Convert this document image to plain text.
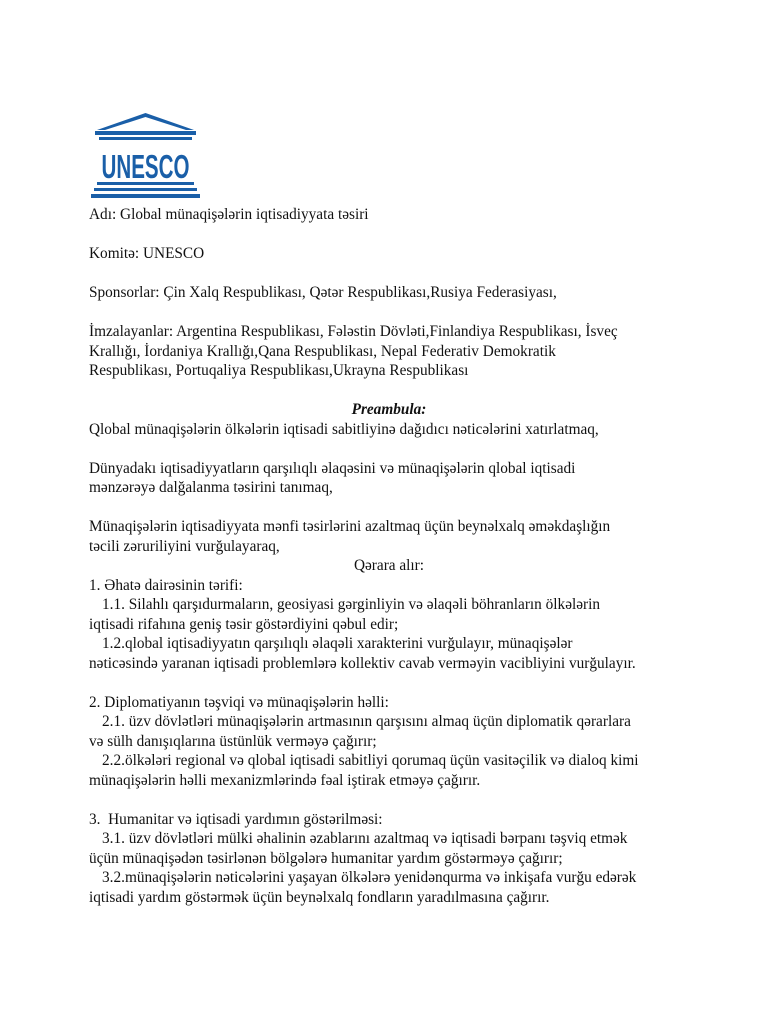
UNESCO

Adı: Global münaqişələrin iqtisadiyyata təsiri

Komitə: UNESCO

Sponsorlar: Çin Xalq Respublikası, Qətər Respublikası,Rusiya Federasiyası,

İmzalayanlar: Argentina Respublikası, Fələstin Dövləti,Finlandiya Respublikası, İsveç

Krallığı, İordaniya Krallığı,Qana Respublikası, Nepal Federativ Demokratik

Respublikası, Portuqaliya Respublikası,Ukrayna Respublikası

Preambula:

Qlobal münaqişələrin ölkələrin iqtisadi sabitliyinə dağıdıcı nəticələrini xatırlatmaq,

Dünyadakı iqtisadiyyatların qarşılıqlı əlaqəsini və münaqişələrin qlobal iqtisadi

mənzərəyə dalğalanma təsirini tanımaq,

Münaqişələrin iqtisadiyyata mənfi təsirlərini azaltmaq üçün beynəlxalq əməkdaşlığın

təcili zəruriliyini vurğulayaraq,

Qərara alır:

1. Əhatə dairəsinin tərifi:

1.1. Silahlı qarşıdurmaların, geosiyasi gərginliyin və əlaqəli böhranların ölkələrin

iqtisadi rifahına geniş təsir göstərdiyini qəbul edir;

1.2.qlobal iqtisadiyyatın qarşılıqlı əlaqəli xarakterini vurğulayır, münaqişələr

nəticəsində yaranan iqtisadi problemlərə kollektiv cavab verməyin vacibliyini vurğulayır.

2. Diplomatiyanın təşviqi və münaqişələrin həlli:

2.1. üzv dövlətləri münaqişələrin artmasının qarşısını almaq üçün diplomatik qərarlara

və sülh danışıqlarına üstünlük verməyə çağırır;

2.2.ölkələri regional və qlobal iqtisadi sabitliyi qorumaq üçün vasitəçilik və dialoq kimi

münaqişələrin həlli mexanizmlərində fəal iştirak etməyə çağırır.

3.  Humanitar və iqtisadi yardımın göstərilməsi:

3.1. üzv dövlətləri mülki əhalinin əzablarını azaltmaq və iqtisadi bərpanı təşviq etmək

üçün münaqişədən təsirlənən bölgələrə humanitar yardım göstərməyə çağırır;

3.2.münaqişələrin nəticələrini yaşayan ölkələrə yenidənqurma və inkişafa vurğu edərək

iqtisadi yardım göstərmək üçün beynəlxalq fondların yaradılmasına çağırır.
